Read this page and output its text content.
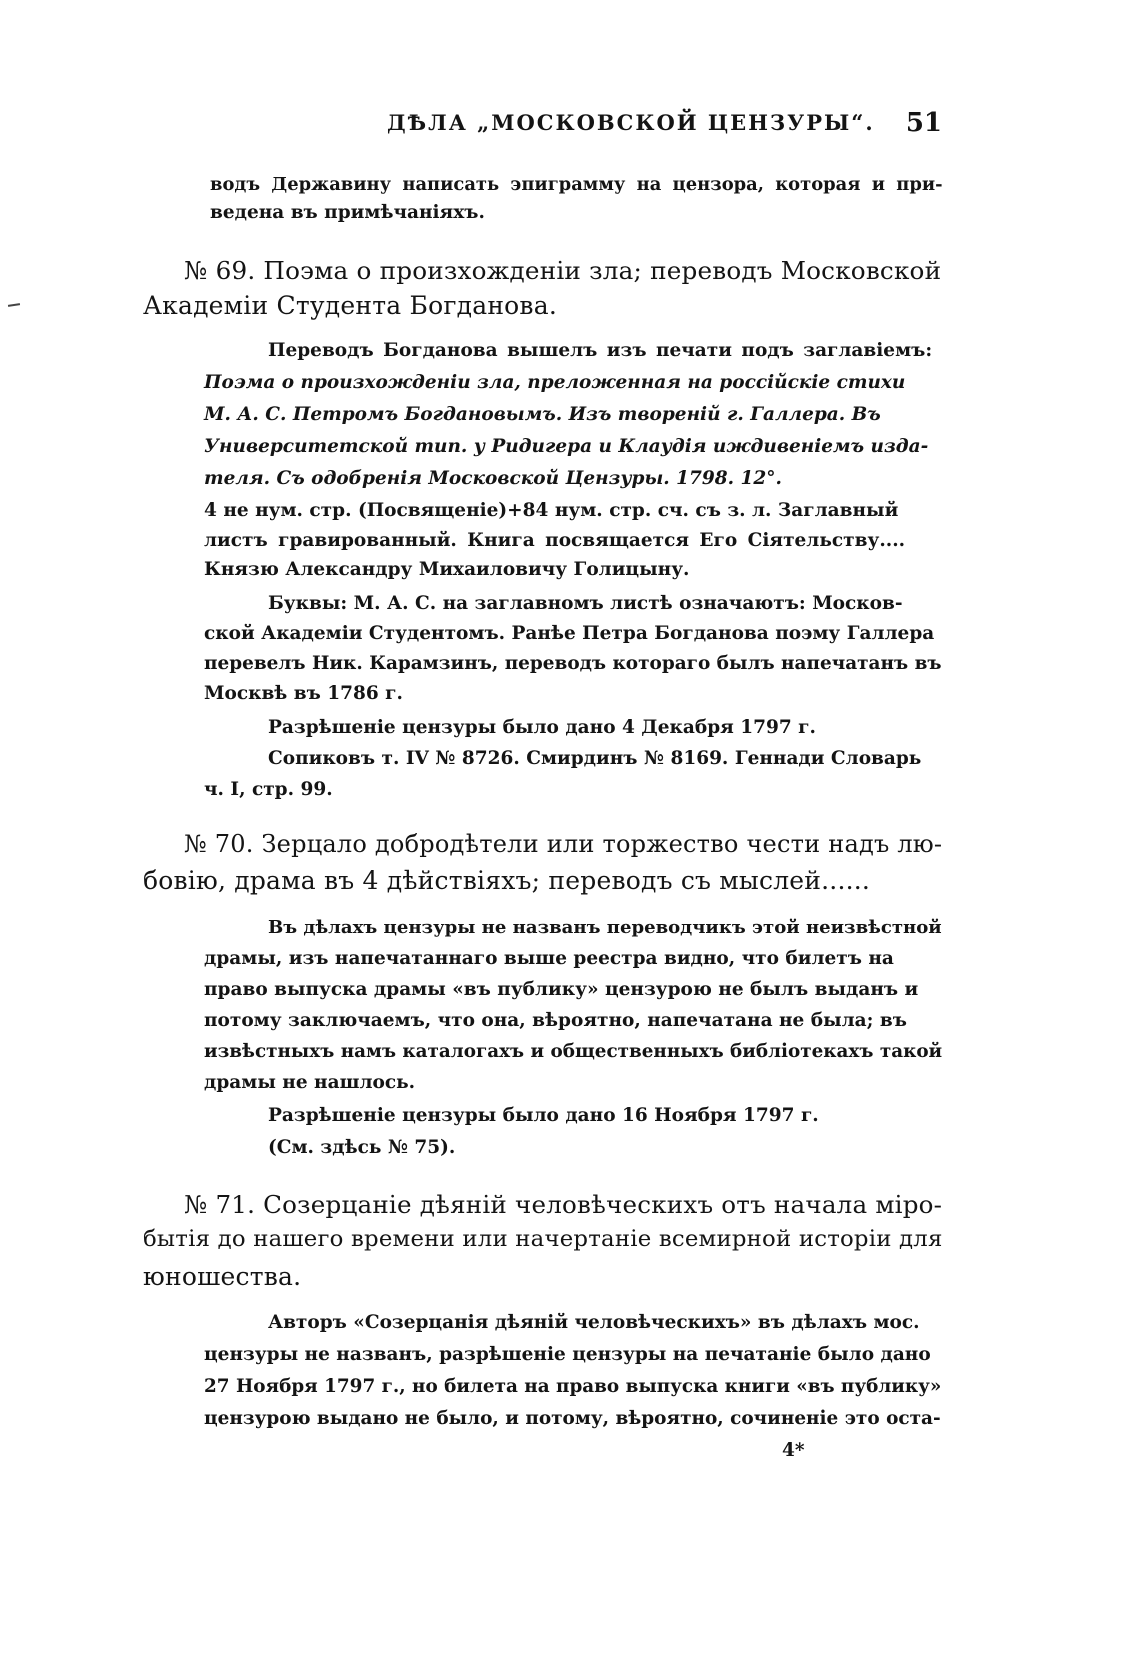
ДѢЛА „МОСКОВСКОЙ ЦЕНЗУРЫ“. 51
водъ Державину написать эпиграмму на цензора, которая и при-
ведена въ примѣчаніяхъ.
№ 69. Поэма о произхожденіи зла; переводъ Московской
Академіи Студента Богданова.
Переводъ Богданова вышелъ изъ печати подъ заглавіемъ:
Поэма о произхожденіи зла, преложенная на россійскіе стихи
М. А. С. Петромъ Богдановымъ. Изъ твореній г. Галлера. Въ
Университетской тип. у Ридигера и Клаудія иждивеніемъ изда-
теля. Съ одобренія Московской Цензуры. 1798. 12°.
4 не нум. стр. (Посвященіе)+84 нум. стр. сч. съ з. л. Заглавный
листъ гравированный. Книга посвящается Его Сіятельству....
Князю Александру Михаиловичу Голицыну.
Буквы: М. А. С. на заглавномъ листѣ означаютъ: Москов-
ской Академіи Студентомъ. Ранѣе Петра Богданова поэму Галлера
перевелъ Ник. Карамзинъ, переводъ котораго былъ напечатанъ въ
Москвѣ въ 1786 г.
Разрѣшеніе цензуры было дано 4 Декабря 1797 г.
Сопиковъ т. IV № 8726. Смирдинъ № 8169. Геннади Словарь
ч. I, стр. 99.
№ 70. Зерцало добродѣтели или торжество чести надъ лю-
бовію, драма въ 4 дѣйствіяхъ; переводъ съ мыслей......
Въ дѣлахъ цензуры не названъ переводчикъ этой неизвѣстной
драмы, изъ напечатаннаго выше реестра видно, что билетъ на
право выпуска драмы «въ публику» цензурою не былъ выданъ и
потому заключаемъ, что она, вѣроятно, напечатана не была; въ
извѣстныхъ намъ каталогахъ и общественныхъ библіотекахъ такой
драмы не нашлось.
Разрѣшеніе цензуры было дано 16 Ноября 1797 г.
(См. здѣсь № 75).
№ 71. Созерцаніе дѣяній человѣческихъ отъ начала міро-
бытія до нашего времени или начертаніе всемирной исторіи для
юношества.
Авторъ «Созерцанія дѣяній человѣческихъ» въ дѣлахъ мос.
цензуры не названъ, разрѣшеніе цензуры на печатаніе было дано
27 Ноября 1797 г., но билета на право выпуска книги «въ публику»
цензурою выдано не было, и потому, вѣроятно, сочиненіе это оста-
4*
